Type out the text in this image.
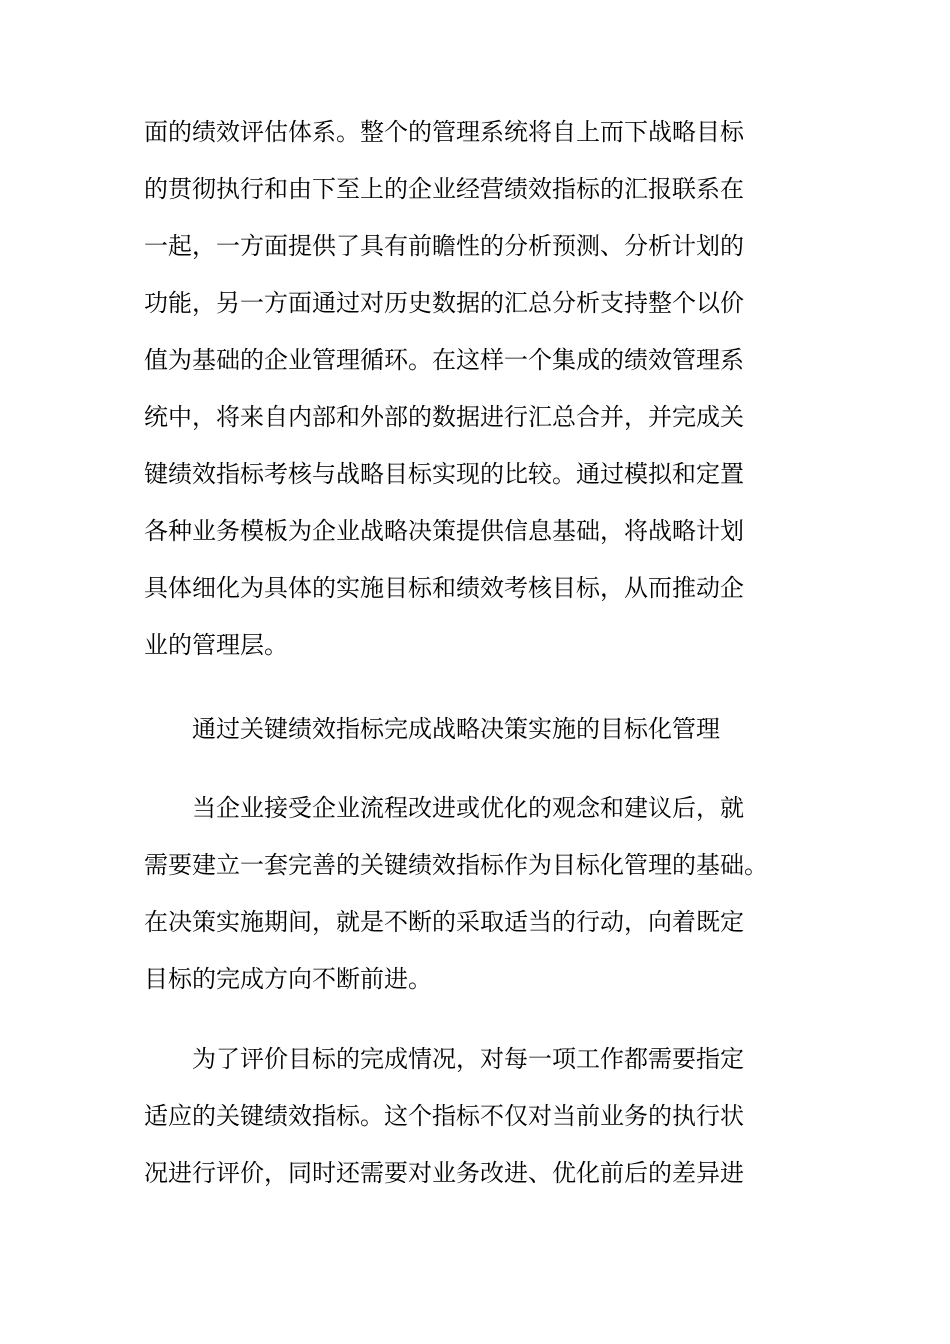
面的绩效评估体系。整个的管理系统将自上而下战略目标
的贯彻执行和由下至上的企业经营绩效指标的汇报联系在
一起，一方面提供了具有前瞻性的分析预测、分析计划的
功能，另一方面通过对历史数据的汇总分析支持整个以价
值为基础的企业管理循环。在这样一个集成的绩效管理系
统中，将来自内部和外部的数据进行汇总合并，并完成关
键绩效指标考核与战略目标实现的比较。通过模拟和定置
各种业务模板为企业战略决策提供信息基础，将战略计划
具体细化为具体的实施目标和绩效考核目标，从而推动企
业的管理层。
通过关键绩效指标完成战略决策实施的目标化管理
当企业接受企业流程改进或优化的观念和建议后，就
需要建立一套完善的关键绩效指标作为目标化管理的基础。
在决策实施期间，就是不断的采取适当的行动，向着既定
目标的完成方向不断前进。
为了评价目标的完成情况，对每一项工作都需要指定
适应的关键绩效指标。这个指标不仅对当前业务的执行状
况进行评价，同时还需要对业务改进、优化前后的差异进
